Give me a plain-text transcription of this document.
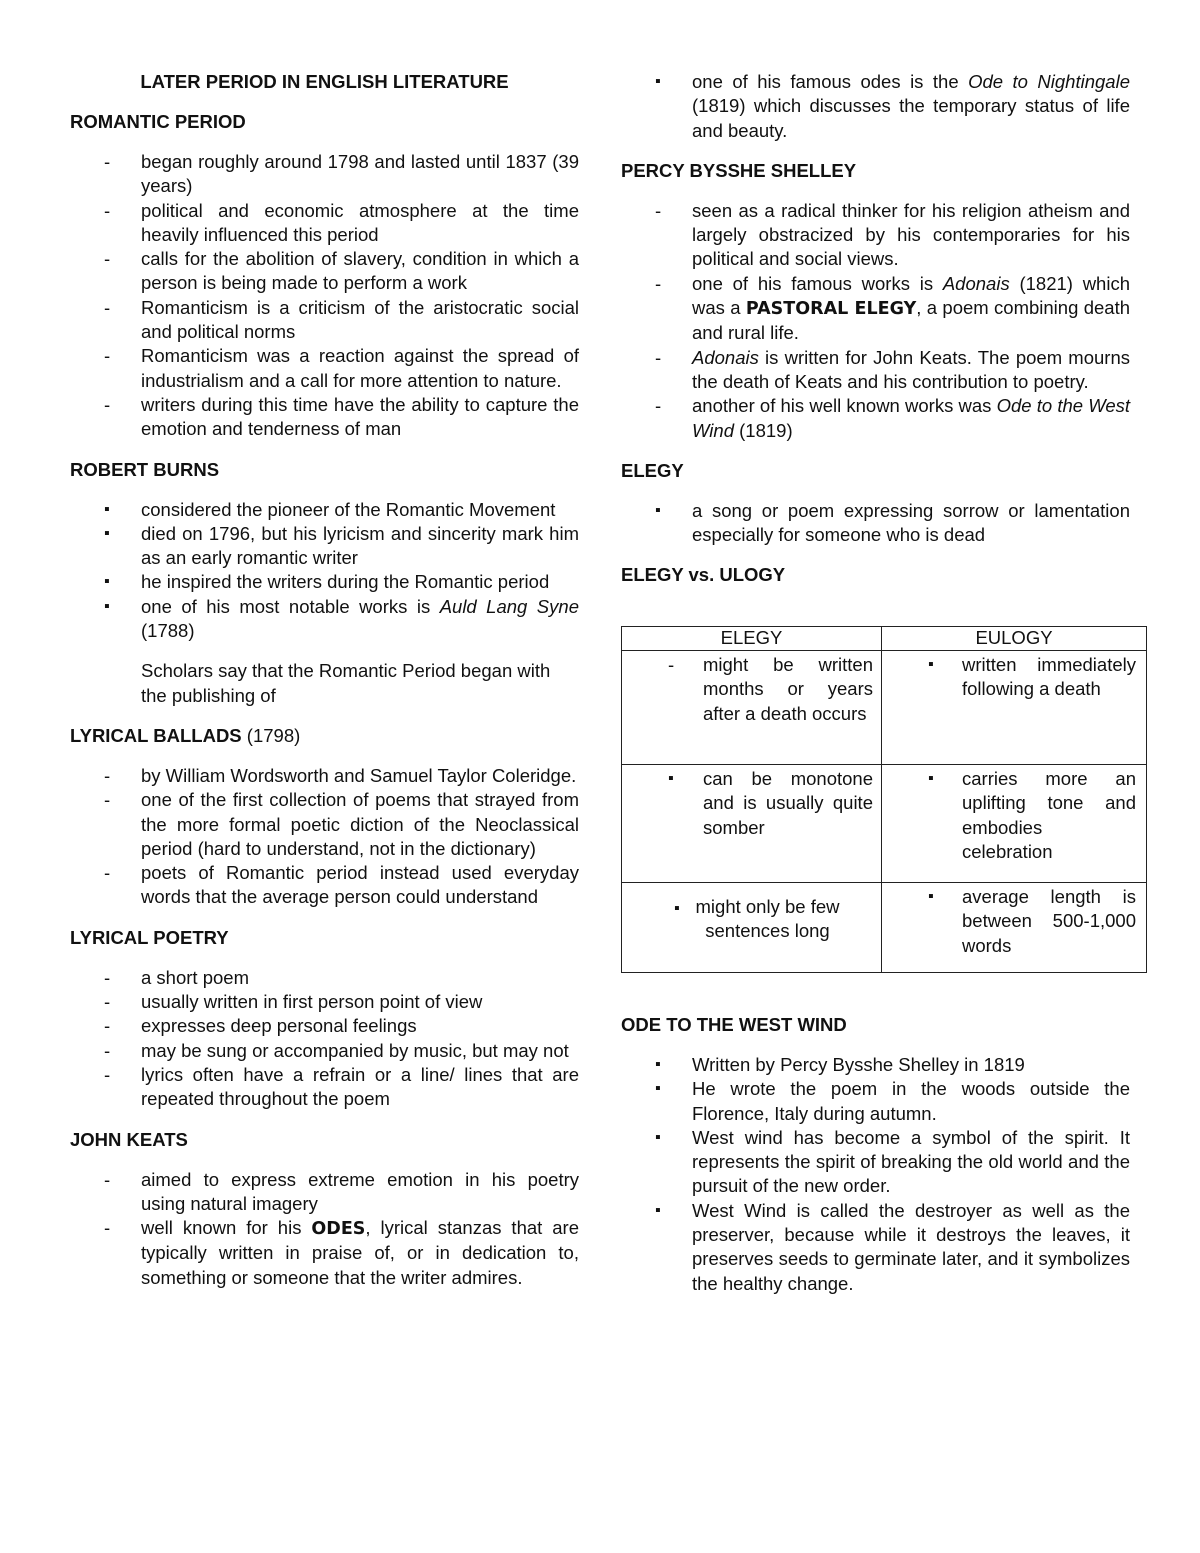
LATER PERIOD IN ENGLISH LITERATURE
ROMANTIC PERIOD
-	began roughly around 1798 and lasted until 1837 (39 years)
-	political and economic atmosphere at the time heavily influenced this period
-	calls for the abolition of slavery, condition in which a person is being made to perform a work
-	Romanticism is a criticism of the aristocratic social and political norms
-	Romanticism was a reaction against the spread of industrialism and a call for more attention to nature.
-	writers during this time have the ability to capture the emotion and tenderness of man
ROBERT BURNS
▪	considered the pioneer of the Romantic Movement
▪	died on 1796, but his lyricism and sincerity mark him as an early romantic writer
▪	he inspired the writers during the Romantic period
▪	one of his most notable works is Auld Lang Syne (1788)
Scholars say that the Romantic Period began with the publishing of
LYRICAL BALLADS (1798)
-	by William Wordsworth and Samuel Taylor Coleridge.
-	one of the first collection of poems that strayed from the more formal poetic diction of the Neoclassical period (hard to understand, not in the dictionary)
-	poets of Romantic period instead used everyday words that the average person could understand
LYRICAL POETRY
-	a short poem
-	usually written in first person point of view
-	expresses deep personal feelings
-	may be sung or accompanied by music, but may not
-	lyrics often have a refrain or a line/ lines that are repeated throughout the poem
JOHN KEATS
-	aimed to express extreme emotion in his poetry using natural imagery
-	well known for his ODES, lyrical stanzas that are typically written in praise of, or in dedication to, something or someone that the writer admires.
▪	one of his famous odes is the Ode to Nightingale (1819) which discusses the temporary status of life and beauty.
PERCY BYSSHE SHELLEY
-	seen as a radical thinker for his religion atheism and largely obstracized by his contemporaries for his political and social views.
-	one of his famous works is Adonais (1821) which was a PASTORAL ELEGY, a poem combining death and rural life.
-	Adonais is written for John Keats. The poem mourns the death of Keats and his contribution to poetry.
-	another of his well known works was Ode to the West Wind (1819)
ELEGY
▪	a song or poem expressing sorrow or lamentation especially for someone who is dead
ELEGY vs. ULOGY
ELEGY	EULOGY

- might be written months or years after a death occurs	▪ written immediately following a death

▪ can be monotone and is usually quite somber	▪ carries more an uplifting tone and embodies celebration

▪ might only be few sentences long	▪ average length is between 500-1,000 words
ODE TO THE WEST WIND
▪	Written by Percy Bysshe Shelley in 1819
▪	He wrote the poem in the woods outside the Florence, Italy during autumn.
▪	West wind has become a symbol of the spirit. It represents the spirit of breaking the old world and the pursuit of the new order.
▪	West Wind is called the destroyer as well as the preserver, because while it destroys the leaves, it preserves seeds to germinate later, and it symbolizes the healthy change.
